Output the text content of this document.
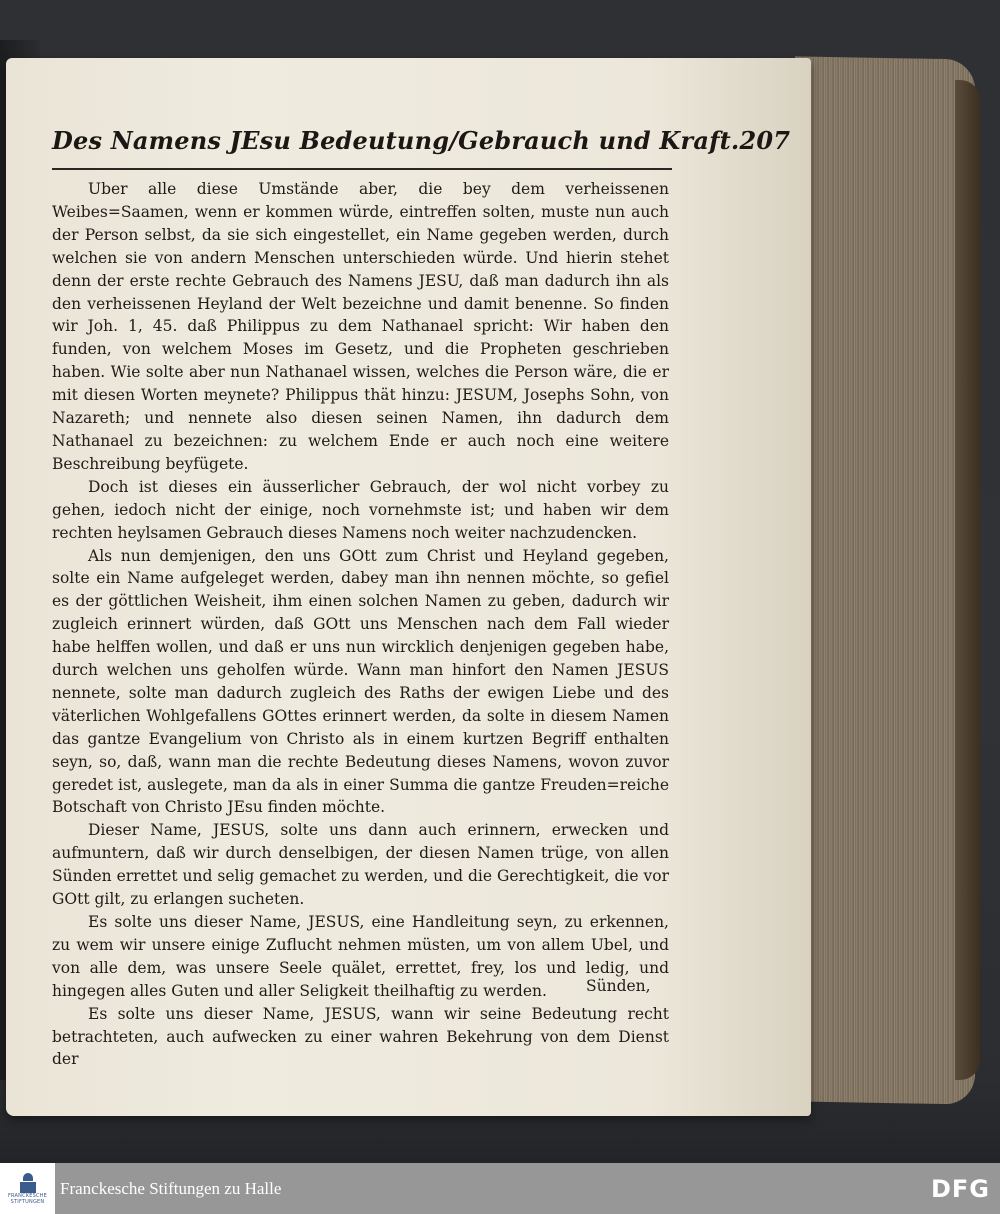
Des Namens JEsu Bedeutung/Gebrauch und Kraft. 207

Uber alle diese Umstände aber, die bey dem verheissenen Weibes=Saamen, wenn er kommen würde, eintreffen solten, muste nun auch der Person selbst, da sie sich eingestellet, ein Name gegeben werden, durch welchen sie von andern Menschen unterschieden würde. Und hierin stehet denn der erste rechte Gebrauch des Namens JESU, daß man dadurch ihn als den verheissenen Heyland der Welt bezeichne und damit benenne. So finden wir Joh. 1, 45. daß Philippus zu dem Nathanael spricht: Wir haben den funden, von welchem Moses im Gesetz, und die Propheten geschrieben haben. Wie solte aber nun Nathanael wissen, welches die Person wäre, die er mit diesen Worten meynete? Philippus thät hinzu: JESUM, Josephs Sohn, von Nazareth; und nennete also diesen seinen Namen, ihn dadurch dem Nathanael zu bezeichnen: zu welchem Ende er auch noch eine weitere Beschreibung beyfügete.

Doch ist dieses ein äusserlicher Gebrauch, der wol nicht vorbey zu gehen, iedoch nicht der einige, noch vornehmste ist; und haben wir dem rechten heylsamen Gebrauch dieses Namens noch weiter nachzudencken.

Als nun demjenigen, den uns GOtt zum Christ und Heyland gegeben, solte ein Name aufgeleget werden, dabey man ihn nennen möchte, so gefiel es der göttlichen Weisheit, ihm einen solchen Namen zu geben, dadurch wir zugleich erinnert würden, daß GOtt uns Menschen nach dem Fall wieder habe helffen wollen, und daß er uns nun wircklich denjenigen gegeben habe, durch welchen uns geholfen würde. Wann man hinfort den Namen JESUS nennete, solte man dadurch zugleich des Raths der ewigen Liebe und des väterlichen Wohlgefallens GOttes erinnert werden, da solte in diesem Namen das gantze Evangelium von Christo als in einem kurtzen Begriff enthalten seyn, so, daß, wann man die rechte Bedeutung dieses Namens, wovon zuvor geredet ist, auslegete, man da als in einer Summa die gantze Freuden=reiche Botschaft von Christo JEsu finden möchte.

Dieser Name, JESUS, solte uns dann auch erinnern, erwecken und aufmuntern, daß wir durch denselbigen, der diesen Namen trüge, von allen Sünden errettet und selig gemachet zu werden, und die Gerechtigkeit, die vor GOtt gilt, zu erlangen sucheten.

Es solte uns dieser Name, JESUS, eine Handleitung seyn, zu erkennen, zu wem wir unsere einige Zuflucht nehmen müsten, um von allem Ubel, und von alle dem, was unsere Seele quälet, errettet, frey, los und ledig, und hingegen alles Guten und aller Seligkeit theilhaftig zu werden.

Es solte uns dieser Name, JESUS, wann wir seine Bedeutung recht betrachteten, auch aufwecken zu einer wahren Bekehrung von dem Dienst der

Sünden,
FRANCKESCHE
STIFTUNGEN
Franckesche Stiftungen zu Halle	DFG
